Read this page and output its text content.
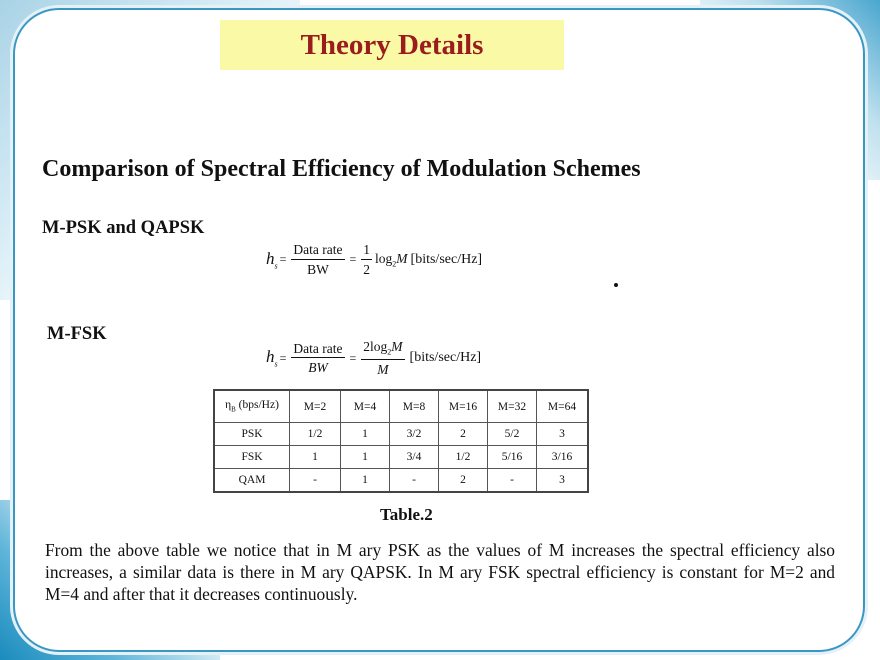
Theory Details
Comparison of Spectral Efficiency of Modulation Schemes
M-PSK and QAPSK
$h_s = \frac{\text{Data rate}}{BW} = \frac{1}{2} \log_2M$ [bits/sec/Hz]
M-FSK
$h_s = \frac{\text{Data rate}}{BW} = \frac{2\log_2M}{M}$ [bits/sec/Hz]
$\eta_B$ (bps/Hz)	M=2	M=4	M=8	M=16	M=32	M=64
PSK	1/2	1	3/2	2	5/2	3
FSK	1	1	3/4	1/2	5/16	3/16
QAM	-	1	-	2	-	3
Table.2
From the above table we notice that in M ary PSK as the values of M increases the spectral efficiency also increases, a similar data is there in M ary QAPSK. In M ary FSK spectral efficiency is constant for M=2 and M=4 and after that it decreases continuously.
